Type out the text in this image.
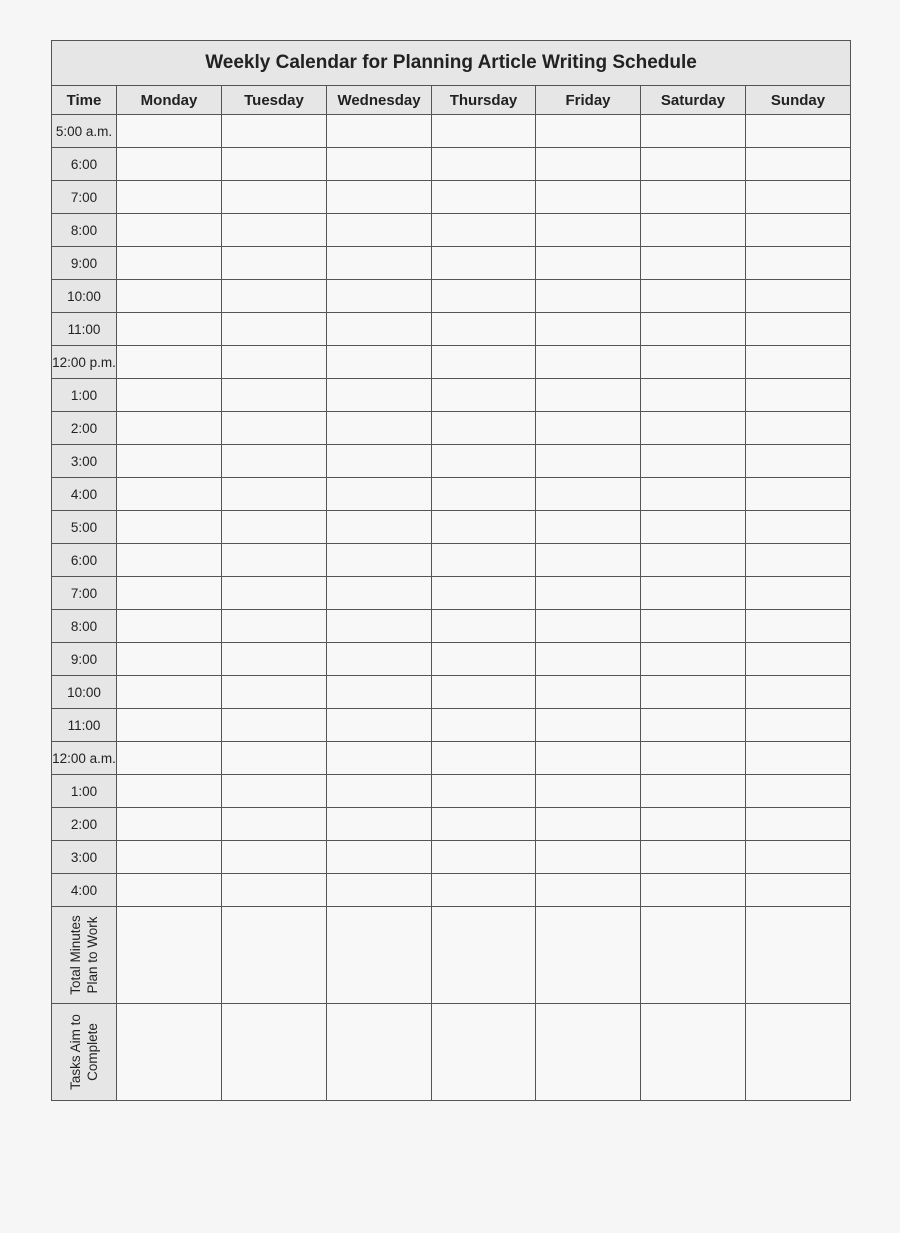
Weekly Calendar for Planning Article Writing Schedule							
Time	Monday	Tuesday	Wednesday	Thursday	Friday	Saturday	Sunday
5:00 a.m.							
6:00							
7:00							
8:00							
9:00							
10:00							
11:00							
12:00 p.m.							
1:00							
2:00							
3:00							
4:00							
5:00							
6:00							
7:00							
8:00							
9:00							
10:00							
11:00							
12:00 a.m.							
1:00							
2:00							
3:00							
4:00							

Total Minutes Plan to Work							

Tasks Aim to Complete							
